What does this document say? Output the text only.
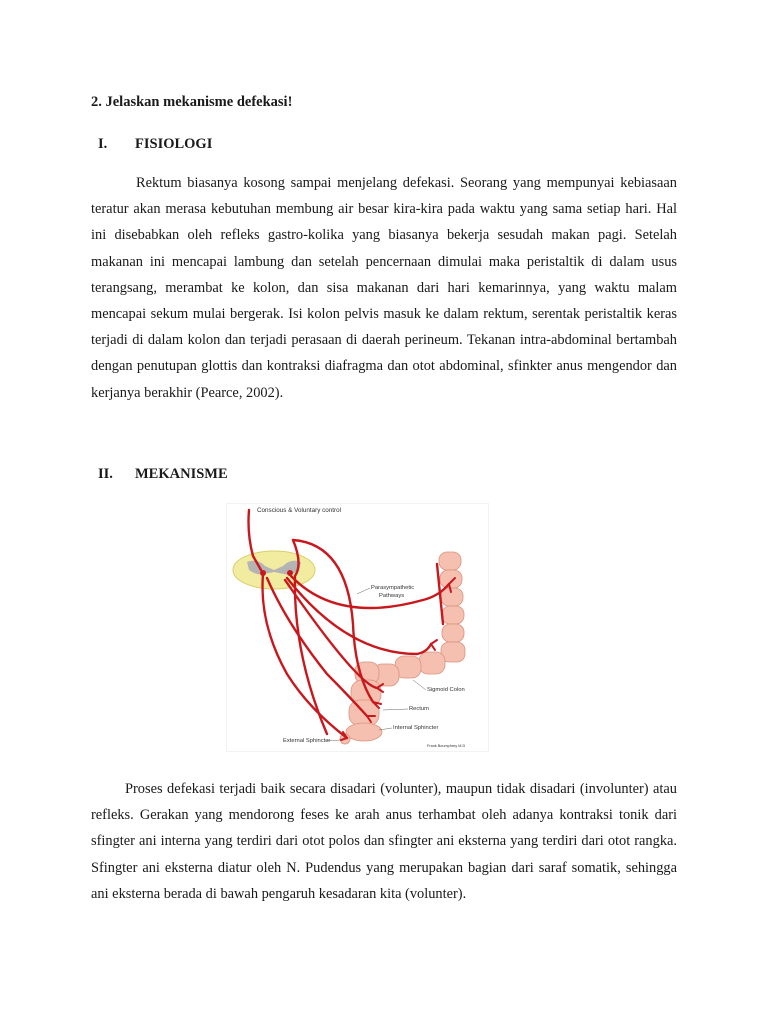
2. Jelaskan mekanisme defekasi!
I. FISIOLOGI

Rektum biasanya kosong sampai menjelang defekasi. Seorang yang mempunyai kebiasaan teratur akan merasa kebutuhan membung air besar kira-kira pada waktu yang sama setiap hari. Hal ini disebabkan oleh refleks gastro-kolika yang biasanya bekerja sesudah makan pagi. Setelah makanan ini mencapai lambung dan setelah pencernaan dimulai maka peristaltik di dalam usus terangsang, merambat ke kolon, dan sisa makanan dari hari kemarinnya, yang waktu malam mencapai sekum mulai bergerak. Isi kolon pelvis masuk ke dalam rektum, serentak peristaltik keras terjadi di dalam kolon dan terjadi perasaan di daerah perineum. Tekanan intra-abdominal bertambah dengan penutupan glottis dan kontraksi diafragma dan otot abdominal, sfinkter anus mengendor dan kerjanya berakhir (Pearce, 2002).

II. MEKANISME
Conscious & Voluntary control
Parasympathetic
Pathways
Sigmoid Colon
Rectum
Internal Sphincter
External Sphincter
Frank Boumphrey M.D

Proses defekasi terjadi baik secara disadari (volunter), maupun tidak disadari (involunter) atau refleks. Gerakan yang mendorong feses ke arah anus terhambat oleh adanya kontraksi tonik dari sfingter ani interna yang terdiri dari otot polos dan sfingter ani eksterna yang terdiri dari otot rangka. Sfingter ani eksterna diatur oleh N. Pudendus yang merupakan bagian dari saraf somatik, sehingga ani eksterna berada di bawah pengaruh kesadaran kita (volunter).
